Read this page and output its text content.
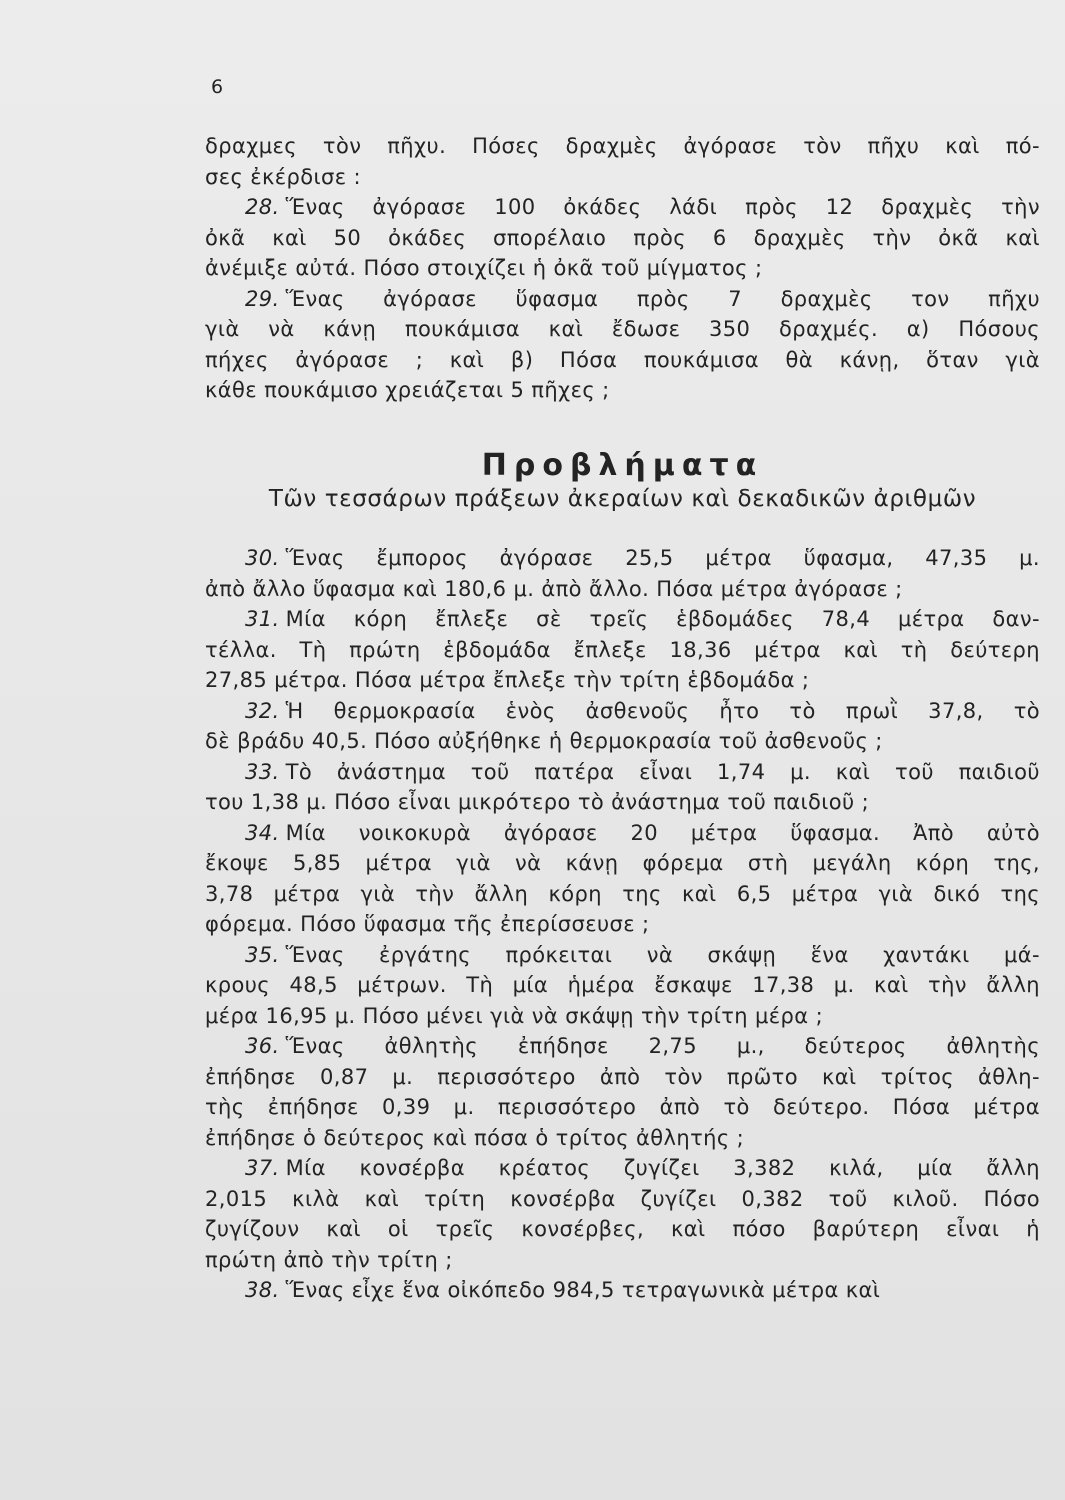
6
δραχμες τὸν πῆχυ. Πόσες δραχμὲς ἀγόρασε τὸν πῆχυ καὶ πό-
σες ἐκέρδισε :
28. Ἕνας ἀγόρασε 100 ὀκάδες λάδι πρὸς 12 δραχμὲς τὴν
ὀκᾶ καὶ 50 ὀκάδες σπορέλαιο πρὸς 6 δραχμὲς τὴν ὀκᾶ καὶ
ἀνέμιξε αὐτά. Πόσο στοιχίζει ἡ ὀκᾶ τοῦ μίγματος ;
29. Ἕνας ἀγόρασε ὕφασμα πρὸς 7 δραχμὲς τον πῆχυ
γιὰ νὰ κάνῃ πουκάμισα καὶ ἔδωσε 350 δραχμές. α) Πόσους
πήχες ἀγόρασε ; καὶ β) Πόσα πουκάμισα θὰ κάνῃ, ὅταν γιὰ
κάθε πουκάμισο χρειάζεται 5 πῆχες ;
Προβλήματα
Τῶν τεσσάρων πράξεων ἀκεραίων καὶ δεκαδικῶν ἀριθμῶν
30. Ἕνας ἔμπορος ἀγόρασε 25,5 μέτρα ὕφασμα, 47,35 μ.
ἀπὸ ἄλλο ὕφασμα καὶ 180,6 μ. ἀπὸ ἄλλο. Πόσα μέτρα ἀγόρασε ;
31. Μία κόρη ἔπλεξε σὲ τρεῖς ἑβδομάδες 78,4 μέτρα δαν-
τέλλα. Τὴ πρώτη ἑβδομάδα ἔπλεξε 18,36 μέτρα καὶ τὴ δεύτερη
27,85 μέτρα. Πόσα μέτρα ἔπλεξε τὴν τρίτη ἑβδομάδα ;
32. Ἡ θερμοκρασία ἑνὸς ἀσθενοῦς ἦτο τὸ πρωῒ 37,8, τὸ
δὲ βράδυ 40,5. Πόσο αὐξήθηκε ἡ θερμοκρασία τοῦ ἀσθενοῦς ;
33. Τὸ ἀνάστημα τοῦ πατέρα εἶναι 1,74 μ. καὶ τοῦ παιδιοῦ
του 1,38 μ. Πόσο εἶναι μικρότερο τὸ ἀνάστημα τοῦ παιδιοῦ ;
34. Μία νοικοκυρὰ ἀγόρασε 20 μέτρα ὕφασμα. Ἀπὸ αὐτὸ
ἔκοψε 5,85 μέτρα γιὰ νὰ κάνῃ φόρεμα στὴ μεγάλη κόρη της,
3,78 μέτρα γιὰ τὴν ἄλλη κόρη της καὶ 6,5 μέτρα γιὰ δικό της
φόρεμα. Πόσο ὕφασμα τῆς ἐπερίσσευσε ;
35. Ἕνας ἐργάτης πρόκειται νὰ σκάψῃ ἕνα χαντάκι μά-
κρους 48,5 μέτρων. Τὴ μία ἡμέρα ἔσκαψε 17,38 μ. καὶ τὴν ἄλλη
μέρα 16,95 μ. Πόσο μένει γιὰ νὰ σκάψῃ τὴν τρίτη μέρα ;
36. Ἕνας ἀθλητὴς ἐπήδησε 2,75 μ., δεύτερος ἀθλητὴς
ἐπήδησε 0,87 μ. περισσότερο ἀπὸ τὸν πρῶτο καὶ τρίτος ἀθλη-
τὴς ἐπήδησε 0,39 μ. περισσότερο ἀπὸ τὸ δεύτερο. Πόσα μέτρα
ἐπήδησε ὁ δεύτερος καὶ πόσα ὁ τρίτος ἀθλητής ;
37. Μία κονσέρβα κρέατος ζυγίζει 3,382 κιλά, μία ἄλλη
2,015 κιλὰ καὶ τρίτη κονσέρβα ζυγίζει 0,382 τοῦ κιλοῦ. Πόσο
ζυγίζουν καὶ οἱ τρεῖς κονσέρβες, καὶ πόσο βαρύτερη εἶναι ἡ
πρώτη ἀπὸ τὴν τρίτη ;
38. Ἕνας εἶχε ἕνα οἰκόπεδο 984,5 τετραγωνικὰ μέτρα καὶ
